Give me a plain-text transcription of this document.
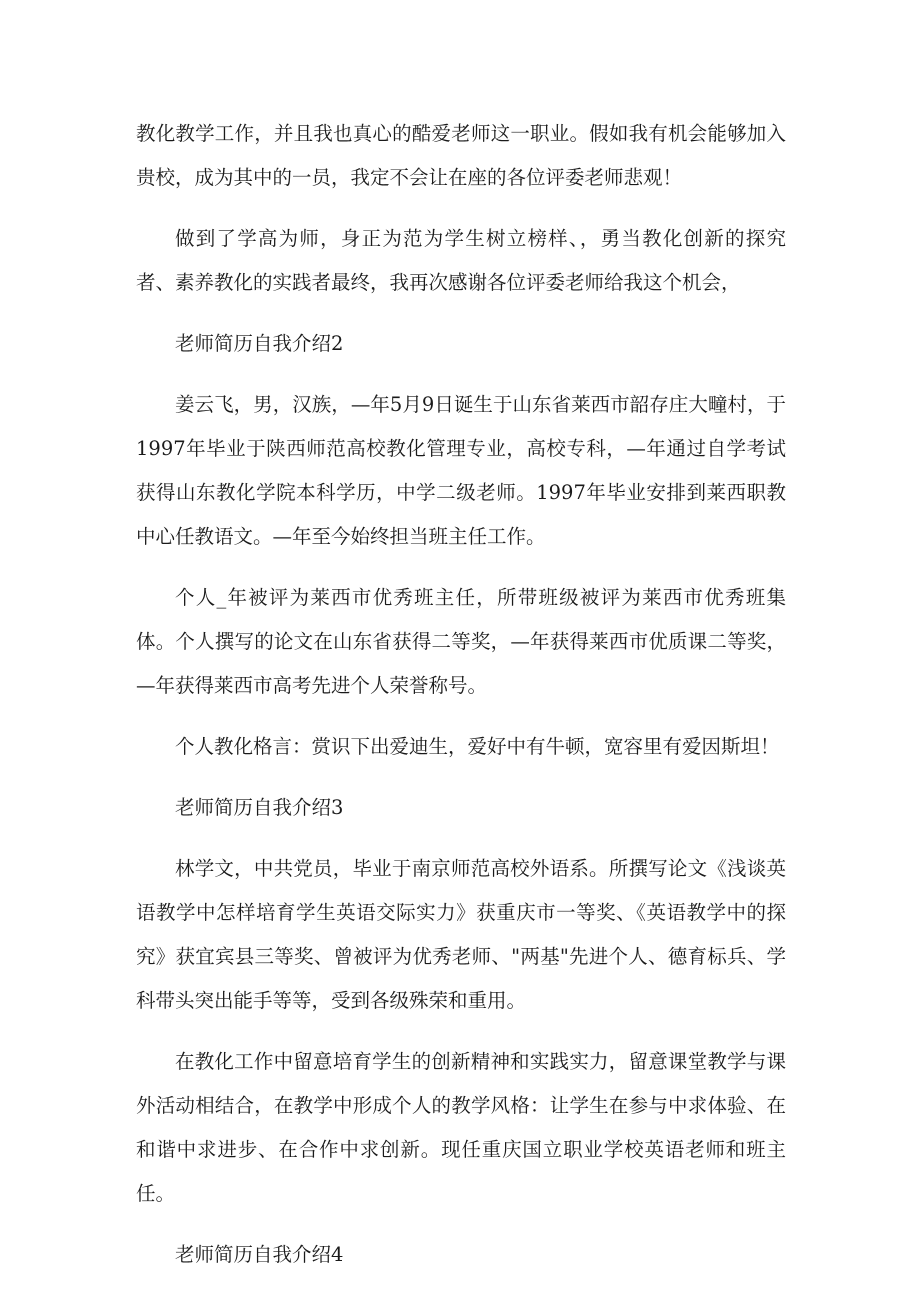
教化教学工作，并且我也真心的酷爱老师这一职业。假如我有机会能够加入贵校，成为其中的一员，我定不会让在座的各位评委老师悲观！

做到了学高为师，身正为范为学生树立榜样、，勇当教化创新的探究者、素养教化的实践者最终，我再次感谢各位评委老师给我这个机会，

老师简历自我介绍2

姜云飞，男，汉族，—年5月9日诞生于山东省莱西市韶存庄大疃村，于1997年毕业于陕西师范高校教化管理专业，高校专科，—年通过自学考试获得山东教化学院本科学历，中学二级老师。1997年毕业安排到莱西职教中心任教语文。—年至今始终担当班主任工作。

个人_年被评为莱西市优秀班主任，所带班级被评为莱西市优秀班集体。个人撰写的论文在山东省获得二等奖，—年获得莱西市优质课二等奖，—年获得莱西市高考先进个人荣誉称号。

个人教化格言：赏识下出爱迪生，爱好中有牛顿，宽容里有爱因斯坦！

老师简历自我介绍3

林学文，中共党员，毕业于南京师范高校外语系。所撰写论文《浅谈英语教学中怎样培育学生英语交际实力》获重庆市一等奖、《英语教学中的探究》获宜宾县三等奖、曾被评为优秀老师、"两基"先进个人、德育标兵、学科带头突出能手等等，受到各级殊荣和重用。

在教化工作中留意培育学生的创新精神和实践实力，留意课堂教学与课外活动相结合，在教学中形成个人的教学风格：让学生在参与中求体验、在和谐中求进步、在合作中求创新。现任重庆国立职业学校英语老师和班主任。

老师简历自我介绍4
